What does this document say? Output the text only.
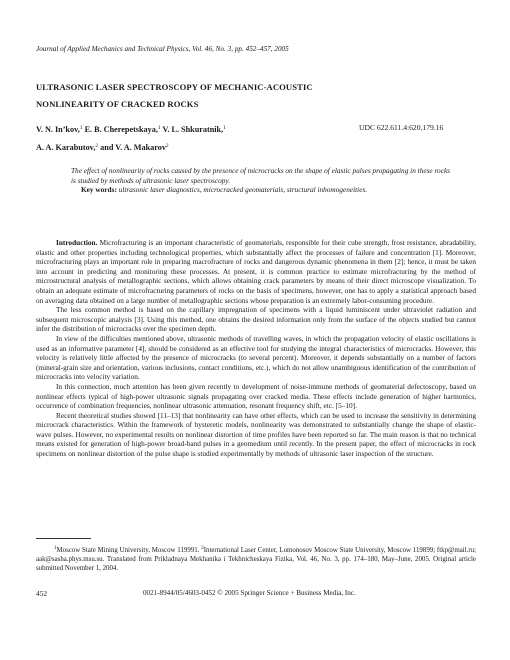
Journal of Applied Mechanics and Technical Physics, Vol. 46, No. 3, pp. 452–457, 2005
ULTRASONIC LASER SPECTROSCOPY OF MECHANIC-ACOUSTIC
NONLINEARITY OF CRACKED ROCKS
V. N. In’kov,$^1$ E. B. Cherepetskaya,$^1$ V. L. Shkuratnik,$^1$
A. A. Karabutov,$^2$ and V. A. Makarov$^2$
UDC 622.611.4:620.179.16
The effect of nonlinearity of rocks caused by the presence of microcracks on the shape of elastic pulses propagating in these rocks is studied by methods of ultrasonic laser spectroscopy.
Key words: ultrasonic laser diagnostics, microcracked geomaterials, structural inhomogeneities.

Introduction. Microfracturing is an important characteristic of geomaterials, responsible for their cube strength, frost resistance, abradability, elastic and other properties including technological properties, which substantially affect the processes of failure and concentration [1]. Moreover, microfracturing plays an important role in preparing macrofracture of rocks and dangerous dynamic phenomena in them [2]; hence, it must be taken into account in predicting and monitoring these processes. At present, it is common practice to estimate microfracturing by the method of microstructural analysis of metallographic sections, which allows obtaining crack parameters by means of their direct microscope visualization. To obtain an adequate estimate of microfracturing parameters of rocks on the basis of specimens, however, one has to apply a statistical approach based on averaging data obtained on a large number of metallographic sections whose preparation is an extremely labor-consuming procedure.

The less common method is based on the capillary impregnation of specimens with a liquid luminiscent under ultraviolet radiation and subsequent microscopic analysis [3]. Using this method, one obtains the desired information only from the surface of the objects studied but cannot infer the distribution of microcracks over the specimen depth.

In view of the difficulties mentioned above, ultrasonic methods of travelling waves, in which the propagation velocity of elastic oscillations is used as an informative parameter [4], should be considered as an effective tool for studying the integral characteristics of microcracks. However, this velocity is relatively little affected by the presence of microcracks (to several percent). Moreover, it depends substantially on a number of factors (mineral-grain size and orientation, various inclusions, contact conditions, etc.), which do not allow unambiguous identification of the contribution of microcracks into velocity variation.

In this connection, much attention has been given recently to development of noise-immune methods of geomaterial defectoscopy, based on nonlinear effects typical of high-power ultrasonic signals propagating over cracked media. These effects include generation of higher harmonics, occurrence of combination frequencies, nonlinear ultrasonic attenuation, resonant frequency shift, etc. [5–10].

Recent theoretical studies showed [11–13] that nonlinearity can have other effects, which can be used to increase the sensitivity in determining microcrack characteristics. Within the framework of hysteretic models, nonlinearity was demonstrated to substantially change the shape of elastic-wave pulses. However, no experimental results on nonlinear distortion of time profiles have been reported so far. The main reason is that no technical means existed for generation of high-power broad-band pulses in a geomedium until recently. In the present paper, the effect of microcracks in rock specimens on nonlinear distortion of the pulse shape is studied experimentally by methods of ultrasonic laser inspection of the structure.

$^1$Moscow State Mining University, Moscow 119991. $^2$International Laser Center, Lomonosov Moscow State University, Moscow 119899; ftkp@mail.ru; aak@sasha.phys.msu.su. Translated from Prikladnaya Mekhanika i Tekhnicheskaya Fizika, Vol. 46, No. 3, pp. 174–180, May–June, 2005. Original article submitted November 1, 2004.
452	0021-8944/05/4603-0452 © 2005 Springer Science + Business Media, Inc.
